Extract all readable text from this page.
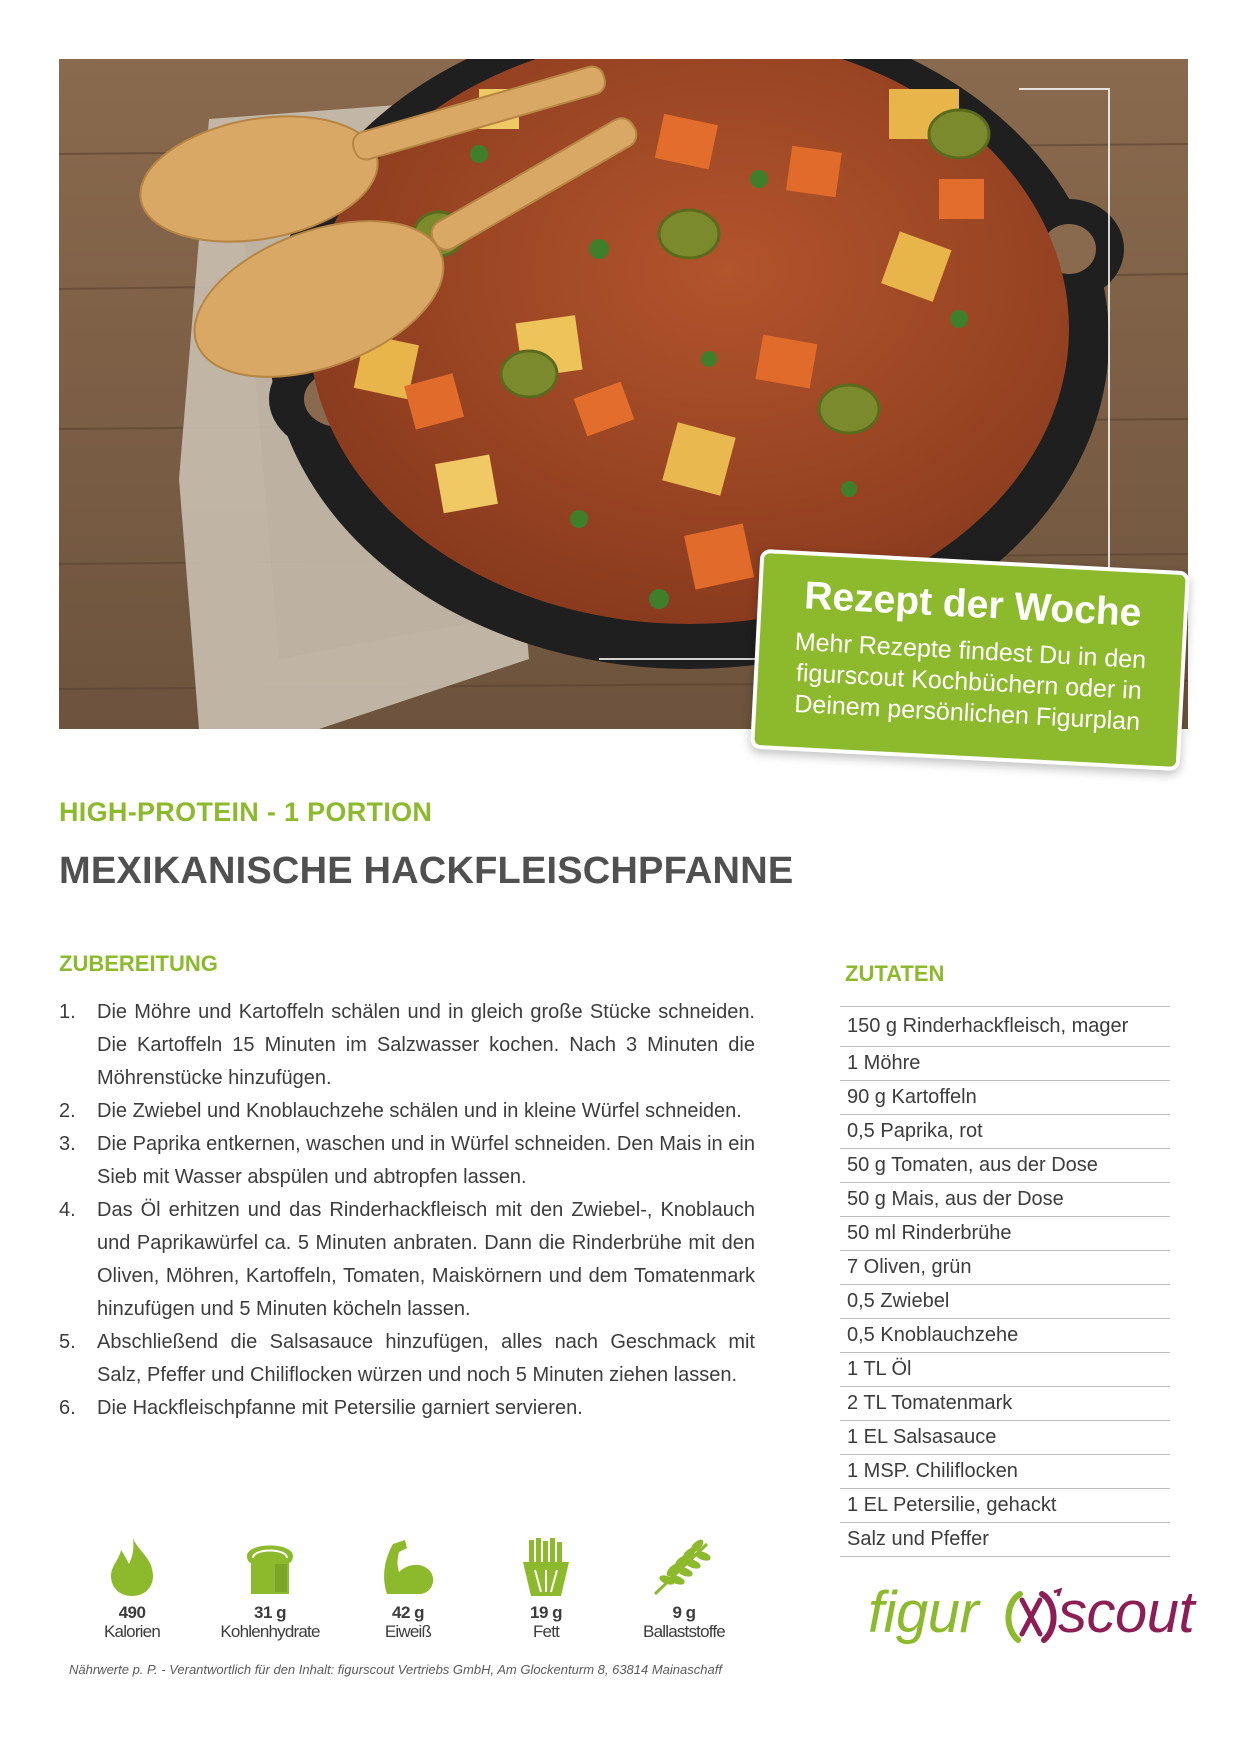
Rezept der Woche
Mehr Rezepte findest Du in den figurscout Kochbüchern oder in Deinem persönlichen Figurplan
HIGH-PROTEIN - 1 PORTION
MEXIKANISCHE HACKFLEISCHPFANNE
ZUBEREITUNG	ZUTATEN
1.	Die Möhre und Kartoffeln schälen und in gleich große Stücke schneiden. Die Kartoffeln 15 Minuten im Salzwasser kochen. Nach 3 Minuten die Möhrenstücke hinzufügen.
2.	Die Zwiebel und Knoblauchzehe schälen und in kleine Würfel schneiden.
3.	Die Paprika entkernen, waschen und in Würfel schneiden. Den Mais in ein Sieb mit Wasser abspülen und abtropfen lassen.
4.	Das Öl erhitzen und das Rinderhackfleisch mit den Zwiebel-, Knoblauch und Paprikawürfel ca. 5 Minuten anbraten. Dann die Rinderbrühe mit den Oliven, Möhren, Kartoffeln, Tomaten, Maiskörnern und dem Tomatenmark hinzufügen und 5 Minuten köcheln lassen.
5.	Abschließend die Salsasauce hinzufügen, alles nach Geschmack mit Salz, Pfeffer und Chiliflocken würzen und noch 5 Minuten ziehen lassen.
6.	Die Hackfleischpfanne mit Petersilie garniert servieren.
150 g Rinderhackfleisch, mager
1 Möhre
90 g Kartoffeln
0,5 Paprika, rot
50 g Tomaten, aus der Dose
50 g Mais, aus der Dose
50 ml Rinderbrühe
7 Oliven, grün
0,5 Zwiebel
0,5 Knoblauchzehe
1 TL Öl
2 TL Tomatenmark
1 EL Salsasauce
1 MSP. Chiliflocken
1 EL Petersilie, gehackt
Salz und Pfeffer
490
Kalorien
31 g
Kohlenhydrate
42 g
Eiweiß
19 g
Fett
9 g
Ballaststoffe	figur scout
Nährwerte p. P. - Verantwortlich für den Inhalt: figurscout Vertriebs GmbH, Am Glockenturm 8, 63814 Mainaschaff
